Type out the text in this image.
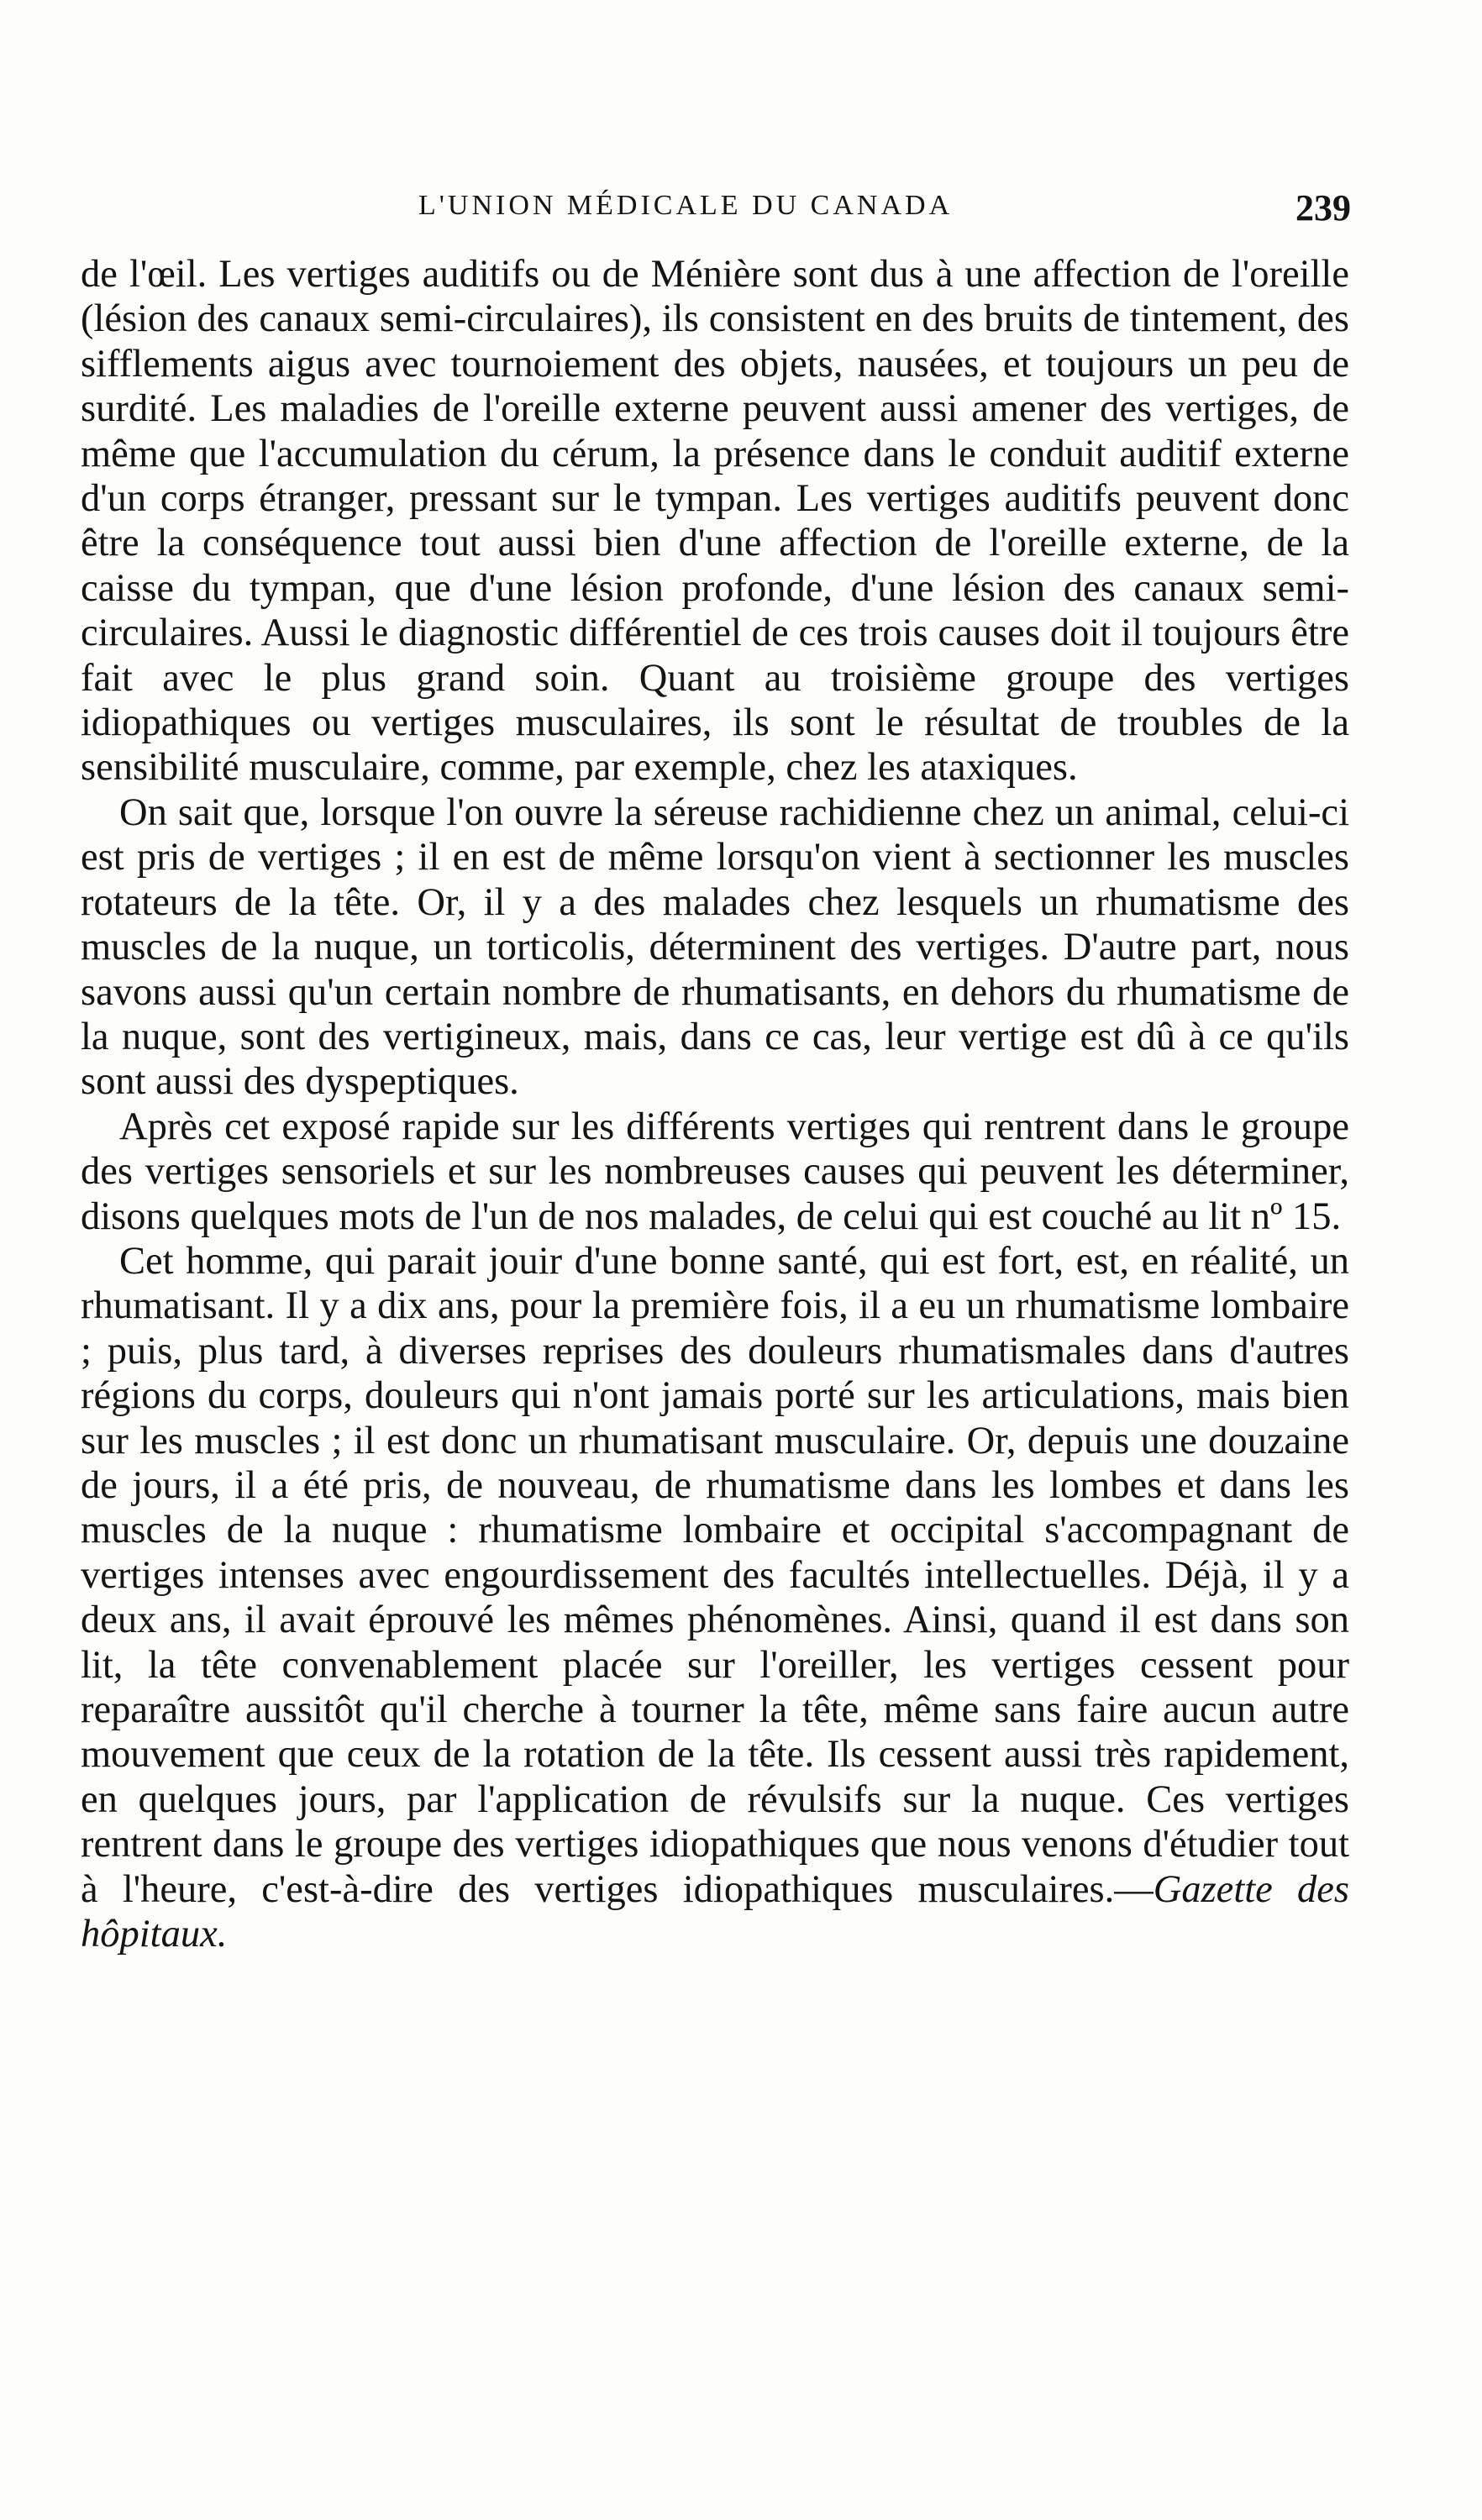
L'UNION MÉDICALE DU CANADA	239

de l'œil. Les vertiges auditifs ou de Ménière sont dus à une affection de l'oreille (lésion des canaux semi-circulaires), ils consistent en des bruits de tintement, des sifflements aigus avec tournoiement des objets, nausées, et toujours un peu de surdité. Les maladies de l'oreille externe peuvent aussi amener des vertiges, de même que l'accumulation du cérum, la présence dans le conduit auditif externe d'un corps étranger, pressant sur le tympan. Les vertiges auditifs peuvent donc être la conséquence tout aussi bien d'une affection de l'oreille externe, de la caisse du tympan, que d'une lésion profonde, d'une lésion des canaux semi-circulaires. Aussi le diagnostic différentiel de ces trois causes doit il toujours être fait avec le plus grand soin. Quant au troisième groupe des vertiges idiopathiques ou vertiges musculaires, ils sont le résultat de troubles de la sensibilité musculaire, comme, par exemple, chez les ataxiques.

On sait que, lorsque l'on ouvre la séreuse rachidienne chez un animal, celui-ci est pris de vertiges ; il en est de même lorsqu'on vient à sectionner les muscles rotateurs de la tête. Or, il y a des malades chez lesquels un rhumatisme des muscles de la nuque, un torticolis, déterminent des vertiges. D'autre part, nous savons aussi qu'un certain nombre de rhumatisants, en dehors du rhumatisme de la nuque, sont des vertigineux, mais, dans ce cas, leur vertige est dû à ce qu'ils sont aussi des dyspeptiques.

Après cet exposé rapide sur les différents vertiges qui rentrent dans le groupe des vertiges sensoriels et sur les nombreuses causes qui peuvent les déterminer, disons quelques mots de l'un de nos malades, de celui qui est couché au lit nº 15.

Cet homme, qui parait jouir d'une bonne santé, qui est fort, est, en réalité, un rhumatisant. Il y a dix ans, pour la première fois, il a eu un rhumatisme lombaire ; puis, plus tard, à diverses reprises des douleurs rhumatismales dans d'autres régions du corps, douleurs qui n'ont jamais porté sur les articulations, mais bien sur les muscles ; il est donc un rhumatisant musculaire. Or, depuis une douzaine de jours, il a été pris, de nouveau, de rhumatisme dans les lombes et dans les muscles de la nuque : rhumatisme lombaire et occipital s'accompagnant de vertiges intenses avec engourdissement des facultés intellectuelles. Déjà, il y a deux ans, il avait éprouvé les mêmes phénomènes. Ainsi, quand il est dans son lit, la tête convenablement placée sur l'oreiller, les vertiges cessent pour reparaître aussitôt qu'il cherche à tourner la tête, même sans faire aucun autre mouvement que ceux de la rotation de la tête. Ils cessent aussi très rapidement, en quelques jours, par l'application de révulsifs sur la nuque. Ces vertiges rentrent dans le groupe des vertiges idiopathiques que nous venons d'étudier tout à l'heure, c'est-à-dire des vertiges idiopathiques musculaires.—Gazette des hôpitaux.
